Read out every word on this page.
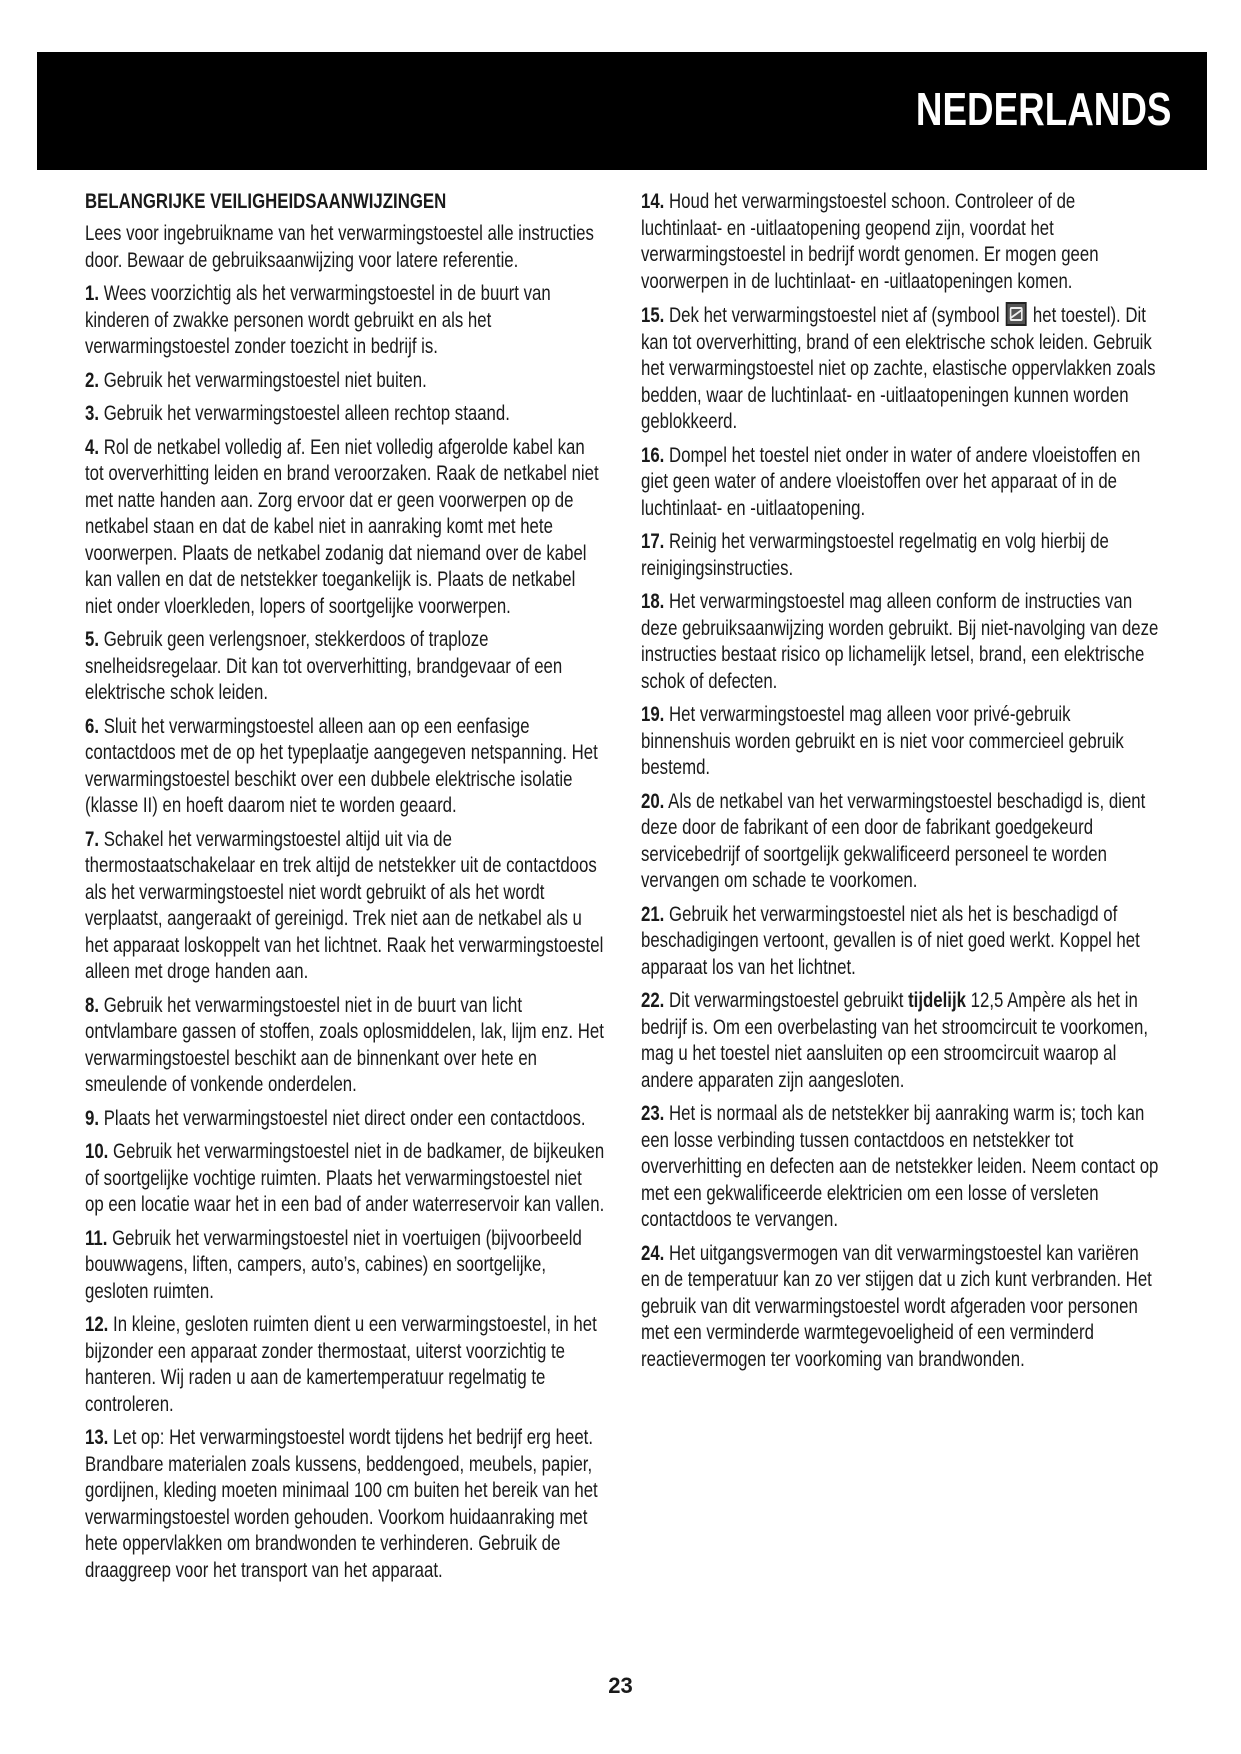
NEDERLANDS
BELANGRIJKE VEILIGHEIDSAANWIJZINGEN

Lees voor ingebruikname van het verwarmingstoestel alle instructies door. Bewaar de gebruiksaanwijzing voor latere referentie.

1. Wees voorzichtig als het verwarmingstoestel in de buurt van kinderen of zwakke personen wordt gebruikt en als het verwarmingstoestel zonder toezicht in bedrijf is.

2. Gebruik het verwarmingstoestel niet buiten.

3. Gebruik het verwarmingstoestel alleen rechtop staand.

4. Rol de netkabel volledig af. Een niet volledig afgerolde kabel kan tot oververhitting leiden en brand veroorzaken. Raak de netkabel niet met natte handen aan. Zorg ervoor dat er geen voorwerpen op de netkabel staan en dat de kabel niet in aanraking komt met hete voorwerpen. Plaats de netkabel zodanig dat niemand over de kabel kan vallen en dat de netstekker toegankelijk is. Plaats de netkabel niet onder vloerkleden, lopers of soortgelijke voorwerpen.

5. Gebruik geen verlengsnoer, stekkerdoos of traploze snelheidsregelaar. Dit kan tot oververhitting, brandgevaar of een elektrische schok leiden.

6. Sluit het verwarmingstoestel alleen aan op een eenfasige contactdoos met de op het typeplaatje aangegeven netspanning. Het verwarmingstoestel beschikt over een dubbele elektrische isolatie (klasse II) en hoeft daarom niet te worden geaard.

7. Schakel het verwarmingstoestel altijd uit via de thermostaatschakelaar en trek altijd de netstekker uit de contactdoos als het verwarmingstoestel niet wordt gebruikt of als het wordt verplaatst, aangeraakt of gereinigd. Trek niet aan de netkabel als u het apparaat loskoppelt van het lichtnet. Raak het verwarmingstoestel alleen met droge handen aan.

8. Gebruik het verwarmingstoestel niet in de buurt van licht ontvlambare gassen of stoffen, zoals oplosmiddelen, lak, lijm enz. Het verwarmingstoestel beschikt aan de binnenkant over hete en smeulende of vonkende onderdelen.

9. Plaats het verwarmingstoestel niet direct onder een contactdoos.

10. Gebruik het verwarmingstoestel niet in de badkamer, de bijkeuken of soortgelijke vochtige ruimten. Plaats het verwarmingstoestel niet op een locatie waar het in een bad of ander waterreservoir kan vallen.

11. Gebruik het verwarmingstoestel niet in voertuigen (bijvoorbeeld bouwwagens, liften, campers, auto’s, cabines) en soortgelijke, gesloten ruimten.

12. In kleine, gesloten ruimten dient u een verwarmingstoestel, in het bijzonder een apparaat zonder thermostaat, uiterst voorzichtig te hanteren. Wij raden u aan de kamertemperatuur regelmatig te controleren.

13. Let op: Het verwarmingstoestel wordt tijdens het bedrijf erg heet. Brandbare materialen zoals kussens, beddengoed, meubels, papier, gordijnen, kleding moeten minimaal 100 cm buiten het bereik van het verwarmingstoestel worden gehouden. Voorkom huidaanraking met hete oppervlakken om brandwonden te verhinderen. Gebruik de draaggreep voor het transport van het apparaat.

14. Houd het verwarmingstoestel schoon. Controleer of de luchtinlaat- en -uitlaatopening geopend zijn, voordat het verwarmingstoestel in bedrijf wordt genomen. Er mogen geen voorwerpen in de luchtinlaat- en -uitlaatopeningen komen.

15. Dek het verwarmingstoestel niet af (symbool het toestel). Dit kan tot oververhitting, brand of een elektrische schok leiden. Gebruik het verwarmingstoestel niet op zachte, elastische oppervlakken zoals bedden, waar de luchtinlaat- en -uitlaatopeningen kunnen worden geblokkeerd.

16. Dompel het toestel niet onder in water of andere vloeistoffen en giet geen water of andere vloeistoffen over het apparaat of in de luchtinlaat- en -uitlaatopening.

17. Reinig het verwarmingstoestel regelmatig en volg hierbij de reinigingsinstructies.

18. Het verwarmingstoestel mag alleen conform de instructies van deze gebruiksaanwijzing worden gebruikt. Bij niet-navolging van deze instructies bestaat risico op lichamelijk letsel, brand, een elektrische schok of defecten.

19. Het verwarmingstoestel mag alleen voor privé-gebruik binnenshuis worden gebruikt en is niet voor commercieel gebruik bestemd.

20. Als de netkabel van het verwarmingstoestel beschadigd is, dient deze door de fabrikant of een door de fabrikant goedgekeurd servicebedrijf of soortgelijk gekwalificeerd personeel te worden vervangen om schade te voorkomen.

21. Gebruik het verwarmingstoestel niet als het is beschadigd of beschadigingen vertoont, gevallen is of niet goed werkt. Koppel het apparaat los van het lichtnet.

22. Dit verwarmingstoestel gebruikt tijdelijk 12,5 Ampère als het in bedrijf is. Om een overbelasting van het stroomcircuit te voorkomen, mag u het toestel niet aansluiten op een stroomcircuit waarop al andere apparaten zijn aangesloten.

23. Het is normaal als de netstekker bij aanraking warm is; toch kan een losse verbinding tussen contactdoos en netstekker tot oververhitting en defecten aan de netstekker leiden. Neem contact op met een gekwalificeerde elektricien om een losse of versleten contactdoos te vervangen.

24. Het uitgangsvermogen van dit verwarmingstoestel kan variëren en de temperatuur kan zo ver stijgen dat u zich kunt verbranden. Het gebruik van dit verwarmingstoestel wordt afgeraden voor personen met een verminderde warmtegevoeligheid of een verminderd reactievermogen ter voorkoming van brandwonden.

23
